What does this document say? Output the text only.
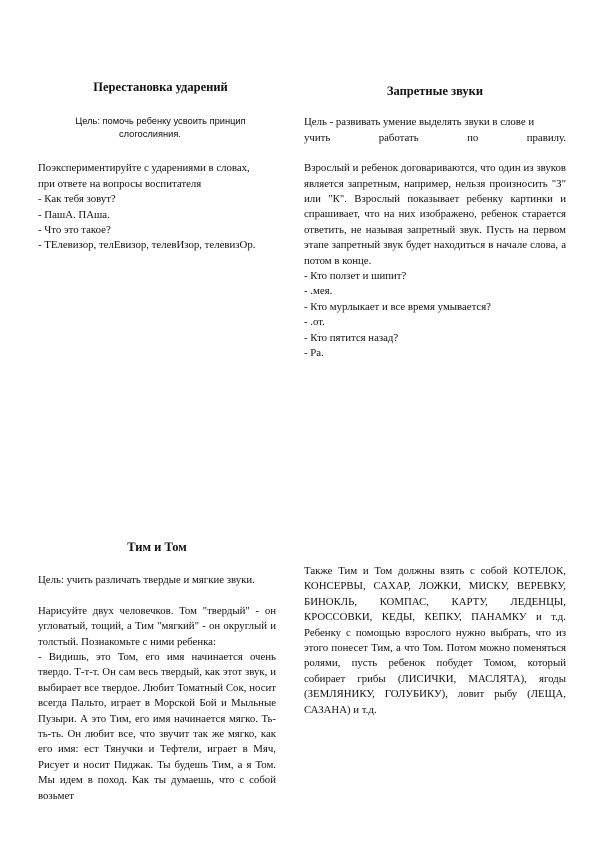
Перестановка ударений
Цель: помочь ребенку усвоить принцип
слогослияния.
Поэкспериментируйте с ударениями в словах,
при ответе на вопросы воспитателя
- Как тебя зовут?
- ПашА. ПАша.
- Что это такое?
- ТЕлевизор, телЕвизор, телевИзор, телевизОр.
Запретные звуки
Цель - развивать умение выделять звуки в слове и
учить	работать	по	правилу.

Взрослый и ребенок договариваются, что один из звуков является запретным, например, нельзя произносить "З" или "К". Взрослый показывает ребенку картинки и спрашивает, что на них изображено, ребенок старается ответить, не называя запретный звук. Пусть на первом этапе запретный звук будет находиться в начале слова, а потом в конце.

- Кто ползет и шипит?
- .мея.
- Кто мурлыкает и все время умывается?
- .от.
- Кто пятится назад?
- Ра.
Тим и Том

Цель: учить различать твердые и мягкие звуки.

Нарисуйте двух человечков. Том "твердый" - он угловатый, тощий, а Тим "мягкий" - он округлый и толстый. Познакомьте с ними ребенка:

- Видишь, это Том, его имя начинается очень твердо. Т-т-т. Он сам весь твердый, как этот звук, и выбирает все твердое. Любит Томатный Сок, носит всегда Пальто, играет в Морской Бой и Мыльные Пузыри. А это Тим, его имя начинается мягко. Ть-ть-ть. Он любит все, что звучит так же мягко, как его имя: ест Тянучки и Тефтели, играет в Мяч, Рисует и носит Пиджак. Ты будешь Тим, а я Том. Мы идем в поход. Как ты думаешь, что с собой возьмет

Также Тим и Том должны взять с собой КОТЕЛОК, КОНСЕРВЫ, САХАР, ЛОЖКИ, МИСКУ, ВЕРЕВКУ, БИНОКЛЬ, КОМПАС, КАРТУ, ЛЕДЕНЦЫ, КРОССОВКИ, КЕДЫ, КЕПКУ, ПАНАМКУ и т.д. Ребенку с помощью взрослого нужно выбрать, что из этого понесет Тим, а что Том. Потом можно поменяться ролями, пусть ребенок побудет Томом, который собирает грибы (ЛИСИЧКИ, МАСЛЯТА), ягоды (ЗЕМЛЯНИКУ, ГОЛУБИКУ), ловит рыбу (ЛЕЩА, САЗАНА) и т.д.
